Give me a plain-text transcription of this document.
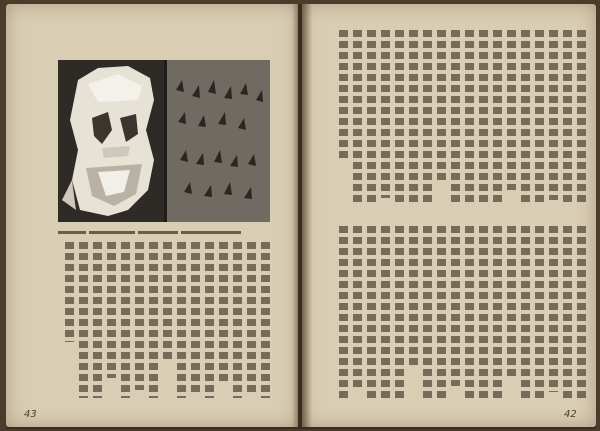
43	42
